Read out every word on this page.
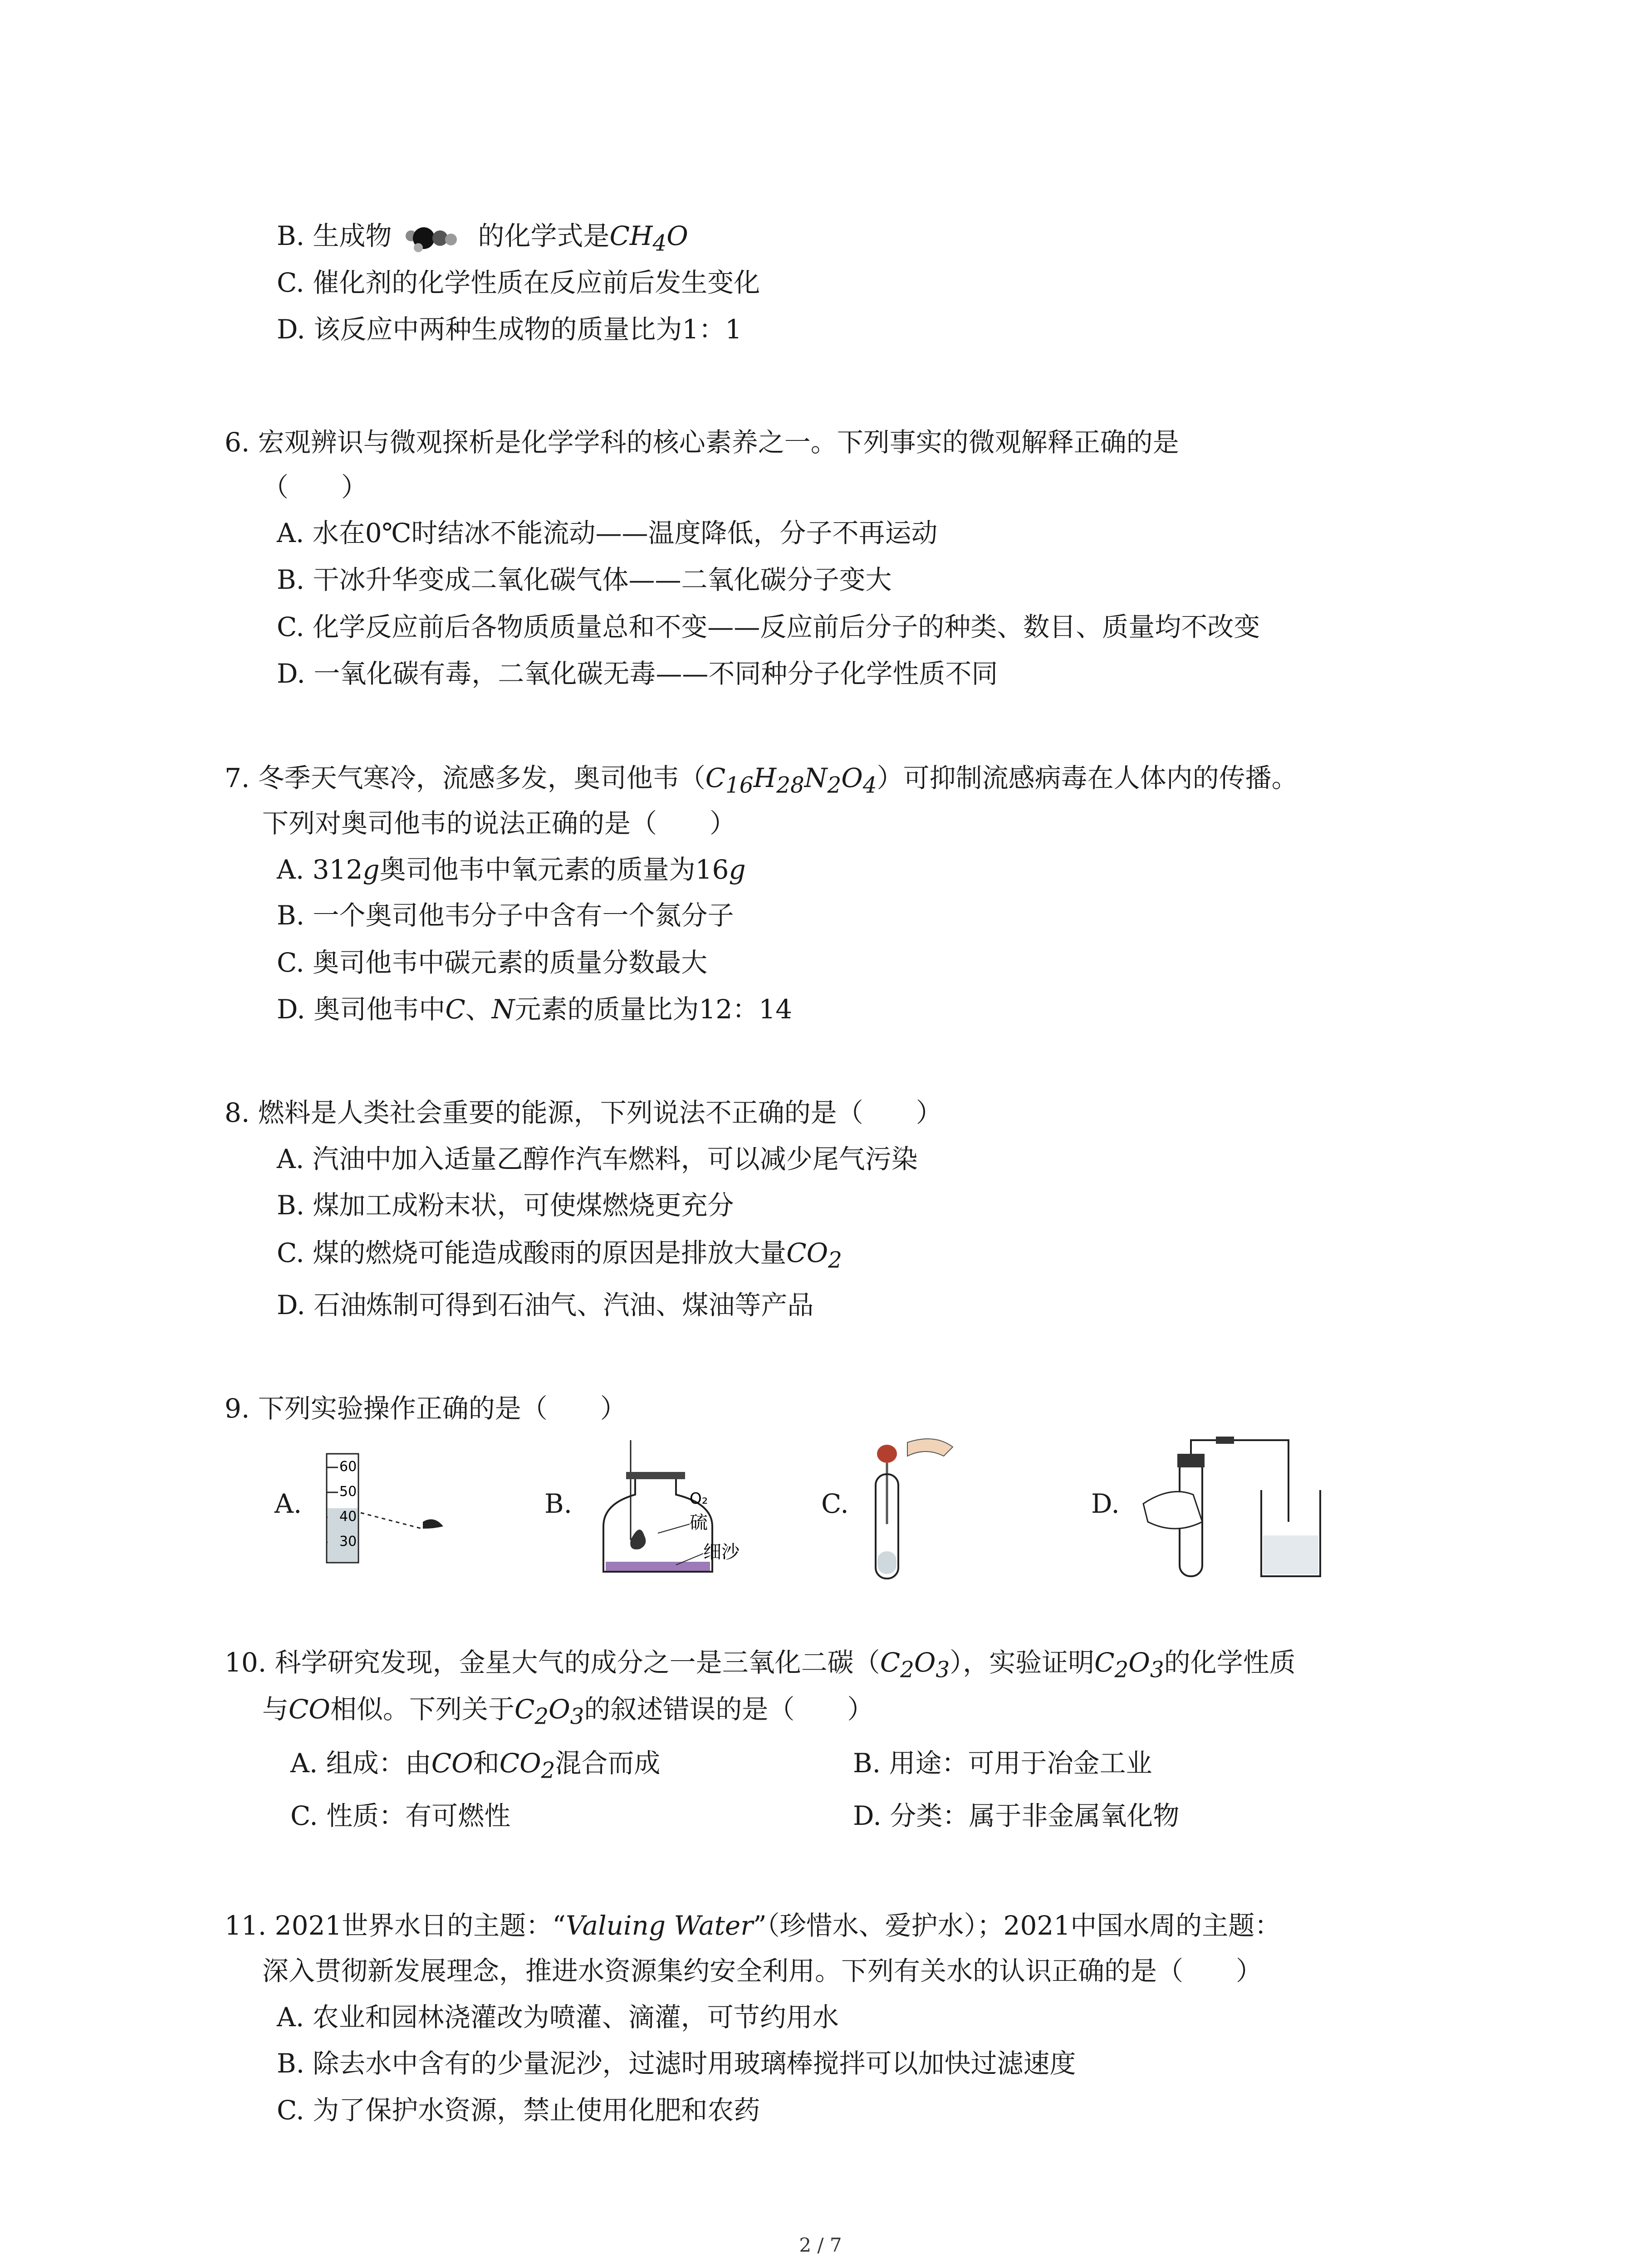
B. 生成物	的化学式是$CH_4O$
C. 催化剂的化学性质在反应前后发生变化
D. 该反应中两种生成物的质量比为1：1
6. 宏观辨识与微观探析是化学学科的核心素养之一。下列事实的微观解释正确的是
（　　）
A. 水在0℃时结冰不能流动——温度降低，分子不再运动
B. 干冰升华变成二氧化碳气体——二氧化碳分子变大
C. 化学反应前后各物质质量总和不变——反应前后分子的种类、数目、质量均不改变
D. 一氧化碳有毒，二氧化碳无毒——不同种分子化学性质不同
7. 冬季天气寒冷，流感多发，奥司他韦$(C_{16}H_{28}N_2O_4)$可抑制流感病毒在人体内的传播。
下列对奥司他韦的说法正确的是（　　）
A. 312g奥司他韦中氧元素的质量为16g
B. 一个奥司他韦分子中含有一个氮分子
C. 奥司他韦中碳元素的质量分数最大
D. 奥司他韦中C、N元素的质量比为12：14
8. 燃料是人类社会重要的能源，下列说法不正确的是（　　）
A. 汽油中加入适量乙醇作汽车燃料，可以减少尾气污染
B. 煤加工成粉末状，可使煤燃烧更充分
C. 煤的燃烧可能造成酸雨的原因是排放大量$CO_2$
D. 石油炼制可得到石油气、汽油、煤油等产品
9. 下列实验操作正确的是（　　）
A.
60
50
40
30
B.	O₂
硫
细沙
C.	D.
10. 科学研究发现，金星大气的成分之一是三氧化二碳$(C_2O_3)$，实验证明$C_2O_3$的化学性质
与CO相似。下列关于$C_2O_3$的叙述错误的是（　　）
A. 组成：由CO和$CO_2$混合而成	B. 用途：可用于冶金工业
C. 性质：有可燃性	D. 分类：属于非金属氧化物
11. 2021世界水日的主题：“Valuing Water”（珍惜水、爱护水）；2021中国水周的主题：
深入贯彻新发展理念，推进水资源集约安全利用。下列有关水的认识正确的是（　　）
A. 农业和园林浇灌改为喷灌、滴灌，可节约用水
B. 除去水中含有的少量泥沙，过滤时用玻璃棒搅拌可以加快过滤速度
C. 为了保护水资源，禁止使用化肥和农药
2 / 7
